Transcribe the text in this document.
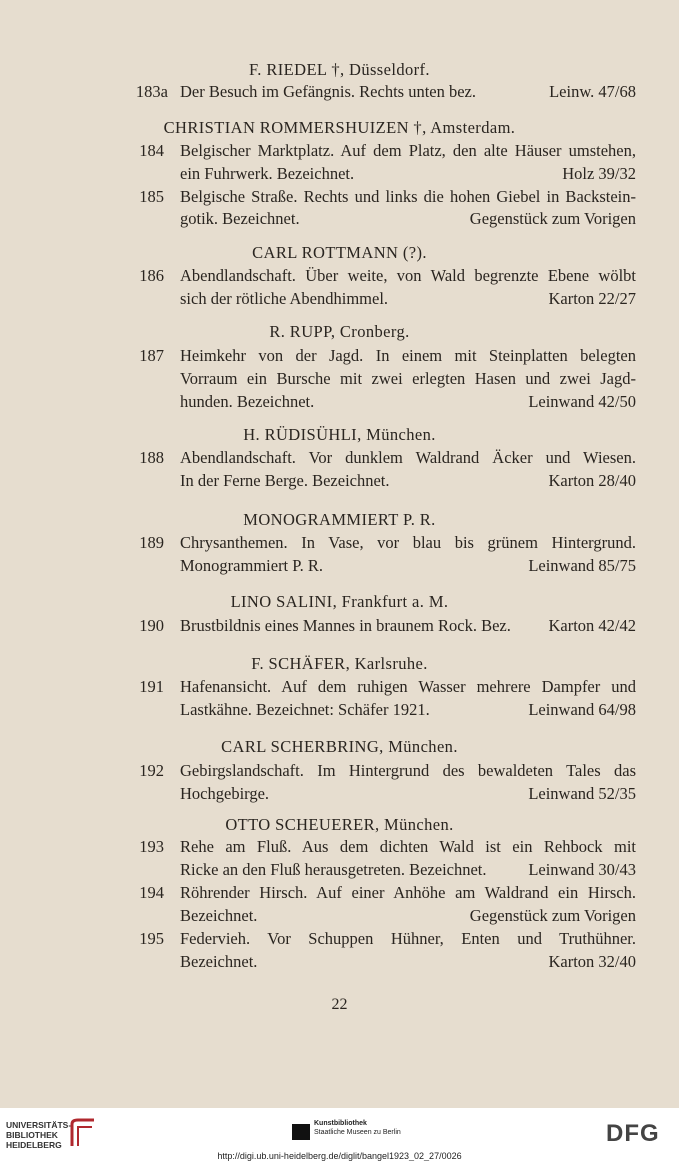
F. RIEDEL †, Düsseldorf.
183a Der Besuch im Gefängnis. Rechts unten bez.	Leinw. 47/68
CHRISTIAN ROMMERSHUIZEN †, Amsterdam.
184 Belgischer Marktplatz. Auf dem Platz, den alte Häuser umstehen,
ein Fuhrwerk. Bezeichnet.	Holz 39/32
185 Belgische Straße. Rechts und links die hohen Giebel in Backstein-
gotik. Bezeichnet.	Gegenstück zum Vorigen
CARL ROTTMANN (?).
186 Abendlandschaft. Über weite, von Wald begrenzte Ebene wölbt
sich der rötliche Abendhimmel.	Karton 22/27
R. RUPP, Cronberg.
187 Heimkehr von der Jagd. In einem mit Steinplatten belegten
Vorraum ein Bursche mit zwei erlegten Hasen und zwei Jagd-
hunden. Bezeichnet.	Leinwand 42/50
H. RÜDISÜHLI, München.
188 Abendlandschaft. Vor dunklem Waldrand Äcker und Wiesen.
In der Ferne Berge. Bezeichnet.	Karton 28/40
MONOGRAMMIERT P. R.
189 Chrysanthemen. In Vase, vor blau bis grünem Hintergrund.
Monogrammiert P. R.	Leinwand 85/75
LINO SALINI, Frankfurt a. M.
190 Brustbildnis eines Mannes in braunem Rock. Bez. Karton 42/42
F. SCHÄFER, Karlsruhe.
191 Hafenansicht. Auf dem ruhigen Wasser mehrere Dampfer und
Lastkähne. Bezeichnet: Schäfer 1921.	Leinwand 64/98
CARL SCHERBRING, München.
192 Gebirgslandschaft. Im Hintergrund des bewaldeten Tales das
Hochgebirge.	Leinwand 52/35
OTTO SCHEUERER, München.
193 Rehe am Fluß. Aus dem dichten Wald ist ein Rehbock mit
Ricke an den Fluß herausgetreten. Bezeichnet.	Leinwand 30/43
194 Röhrender Hirsch. Auf einer Anhöhe am Waldrand ein Hirsch.
Bezeichnet.	Gegenstück zum Vorigen
195 Federvieh. Vor Schuppen Hühner, Enten und Truthühner.
Bezeichnet.	Karton 32/40
22
UNIVERSITÄTS- BIBLIOTHEK HEIDELBERG
Kunstbibliothek
Staatliche Museen zu Berlin	DFG
http://digi.ub.uni-heidelberg.de/diglit/bangel1923_02_27/0026
